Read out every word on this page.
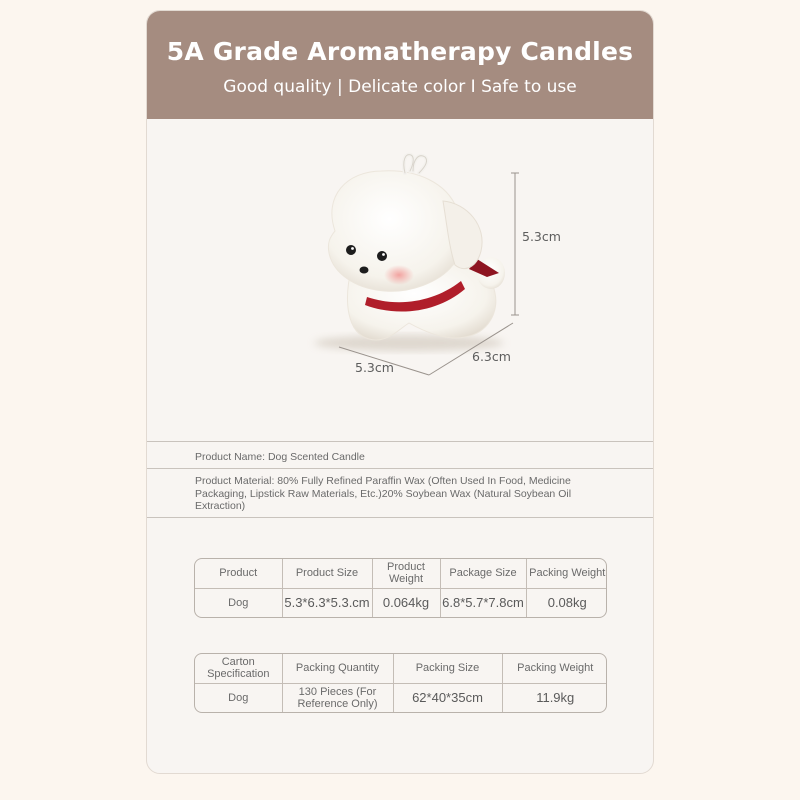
5A Grade Aromatherapy Candles
Good quality | Delicate color I Safe to use
5.3cm
5.3cm
6.3cm
Product Name: Dog Scented Candle
Product Material: 80% Fully Refined Paraffin Wax (Often Used In Food, Medicine Packaging, Lipstick Raw Materials, Etc.)20% Soybean Wax (Natural Soybean Oil Extraction)
Product	Product Size	Product Weight	Package Size	Packing Weight
Dog	5.3*6.3*5.3.cm	0.064kg	6.8*5.7*7.8cm	0.08kg
Carton Specification	Packing Quantity	Packing Size	Packing Weight
Dog	130 Pieces (For Reference Only)	62*40*35cm	11.9kg
